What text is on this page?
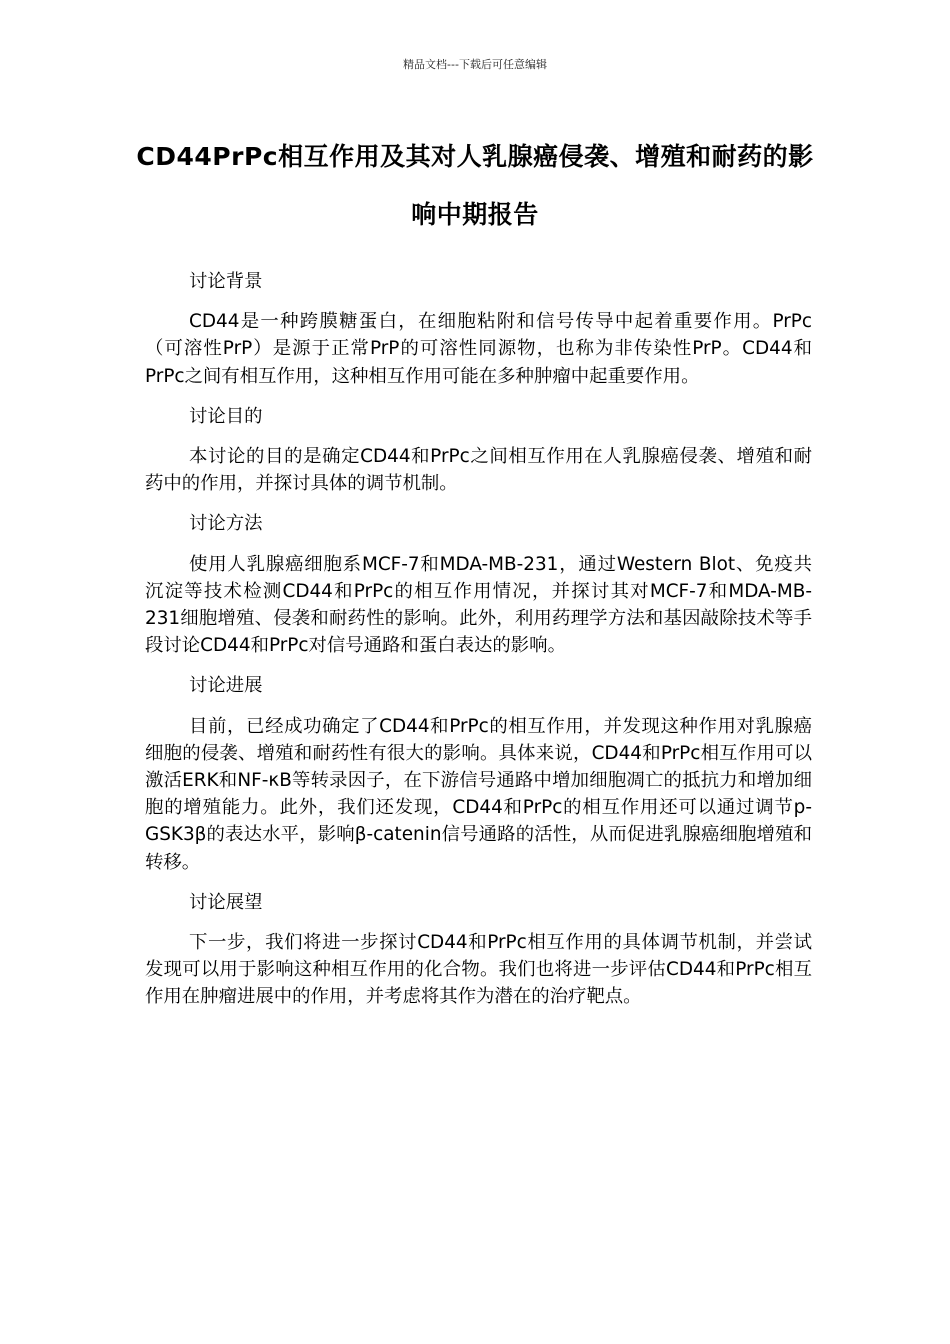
精品文档---下载后可任意编辑
CD44PrPc相互作用及其对人乳腺癌侵袭、增殖和耐药的影响中期报告

讨论背景

CD44是一种跨膜糖蛋白，在细胞粘附和信号传导中起着重要作用。PrPc（可溶性PrP）是源于正常PrP的可溶性同源物，也称为非传染性PrP。CD44和PrPc之间有相互作用，这种相互作用可能在多种肿瘤中起重要作用。

讨论目的

本讨论的目的是确定CD44和PrPc之间相互作用在人乳腺癌侵袭、增殖和耐药中的作用，并探讨具体的调节机制。

讨论方法

使用人乳腺癌细胞系MCF-7和MDA-MB-231，通过Western Blot、免疫共沉淀等技术检测CD44和PrPc的相互作用情况，并探讨其对MCF-7和MDA-MB-231细胞增殖、侵袭和耐药性的影响。此外，利用药理学方法和基因敲除技术等手段讨论CD44和PrPc对信号通路和蛋白表达的影响。

讨论进展

目前，已经成功确定了CD44和PrPc的相互作用，并发现这种作用对乳腺癌细胞的侵袭、增殖和耐药性有很大的影响。具体来说，CD44和PrPc相互作用可以激活ERK和NF-κB等转录因子，在下游信号通路中增加细胞凋亡的抵抗力和增加细胞的增殖能力。此外，我们还发现，CD44和PrPc的相互作用还可以通过调节p-GSK3β的表达水平，影响β-catenin信号通路的活性，从而促进乳腺癌细胞增殖和转移。

讨论展望

下一步，我们将进一步探讨CD44和PrPc相互作用的具体调节机制，并尝试发现可以用于影响这种相互作用的化合物。我们也将进一步评估CD44和PrPc相互作用在肿瘤进展中的作用，并考虑将其作为潜在的治疗靶点。
